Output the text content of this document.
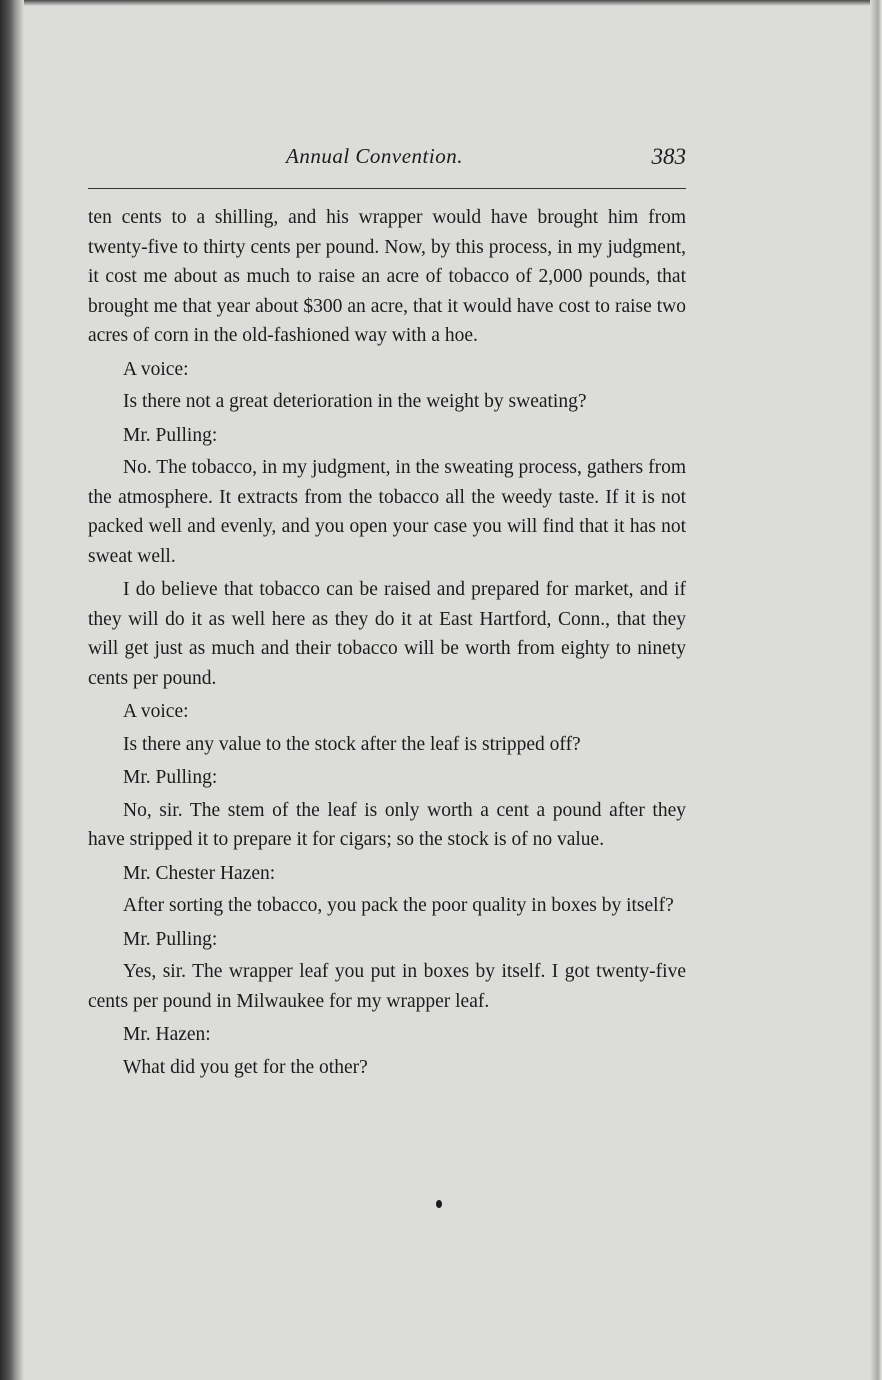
Annual Convention.	383

ten cents to a shilling, and his wrapper would have brought him from twenty-five to thirty cents per pound. Now, by this process, in my judgment, it cost me about as much to raise an acre of tobacco of 2,000 pounds, that brought me that year about $300 an acre, that it would have cost to raise two acres of corn in the old-fashioned way with a hoe.

A voice:

Is there not a great deterioration in the weight by sweating?

Mr. Pulling:

No. The tobacco, in my judgment, in the sweating process, gathers from the atmosphere. It extracts from the tobacco all the weedy taste. If it is not packed well and evenly, and you open your case you will find that it has not sweat well.

I do believe that tobacco can be raised and prepared for market, and if they will do it as well here as they do it at East Hartford, Conn., that they will get just as much and their tobacco will be worth from eighty to ninety cents per pound.

A voice:

Is there any value to the stock after the leaf is stripped off?

Mr. Pulling:

No, sir. The stem of the leaf is only worth a cent a pound after they have stripped it to prepare it for cigars; so the stock is of no value.

Mr. Chester Hazen:

After sorting the tobacco, you pack the poor quality in boxes by itself?

Mr. Pulling:

Yes, sir. The wrapper leaf you put in boxes by itself. I got twenty-five cents per pound in Milwaukee for my wrapper leaf.

Mr. Hazen:

What did you get for the other?
